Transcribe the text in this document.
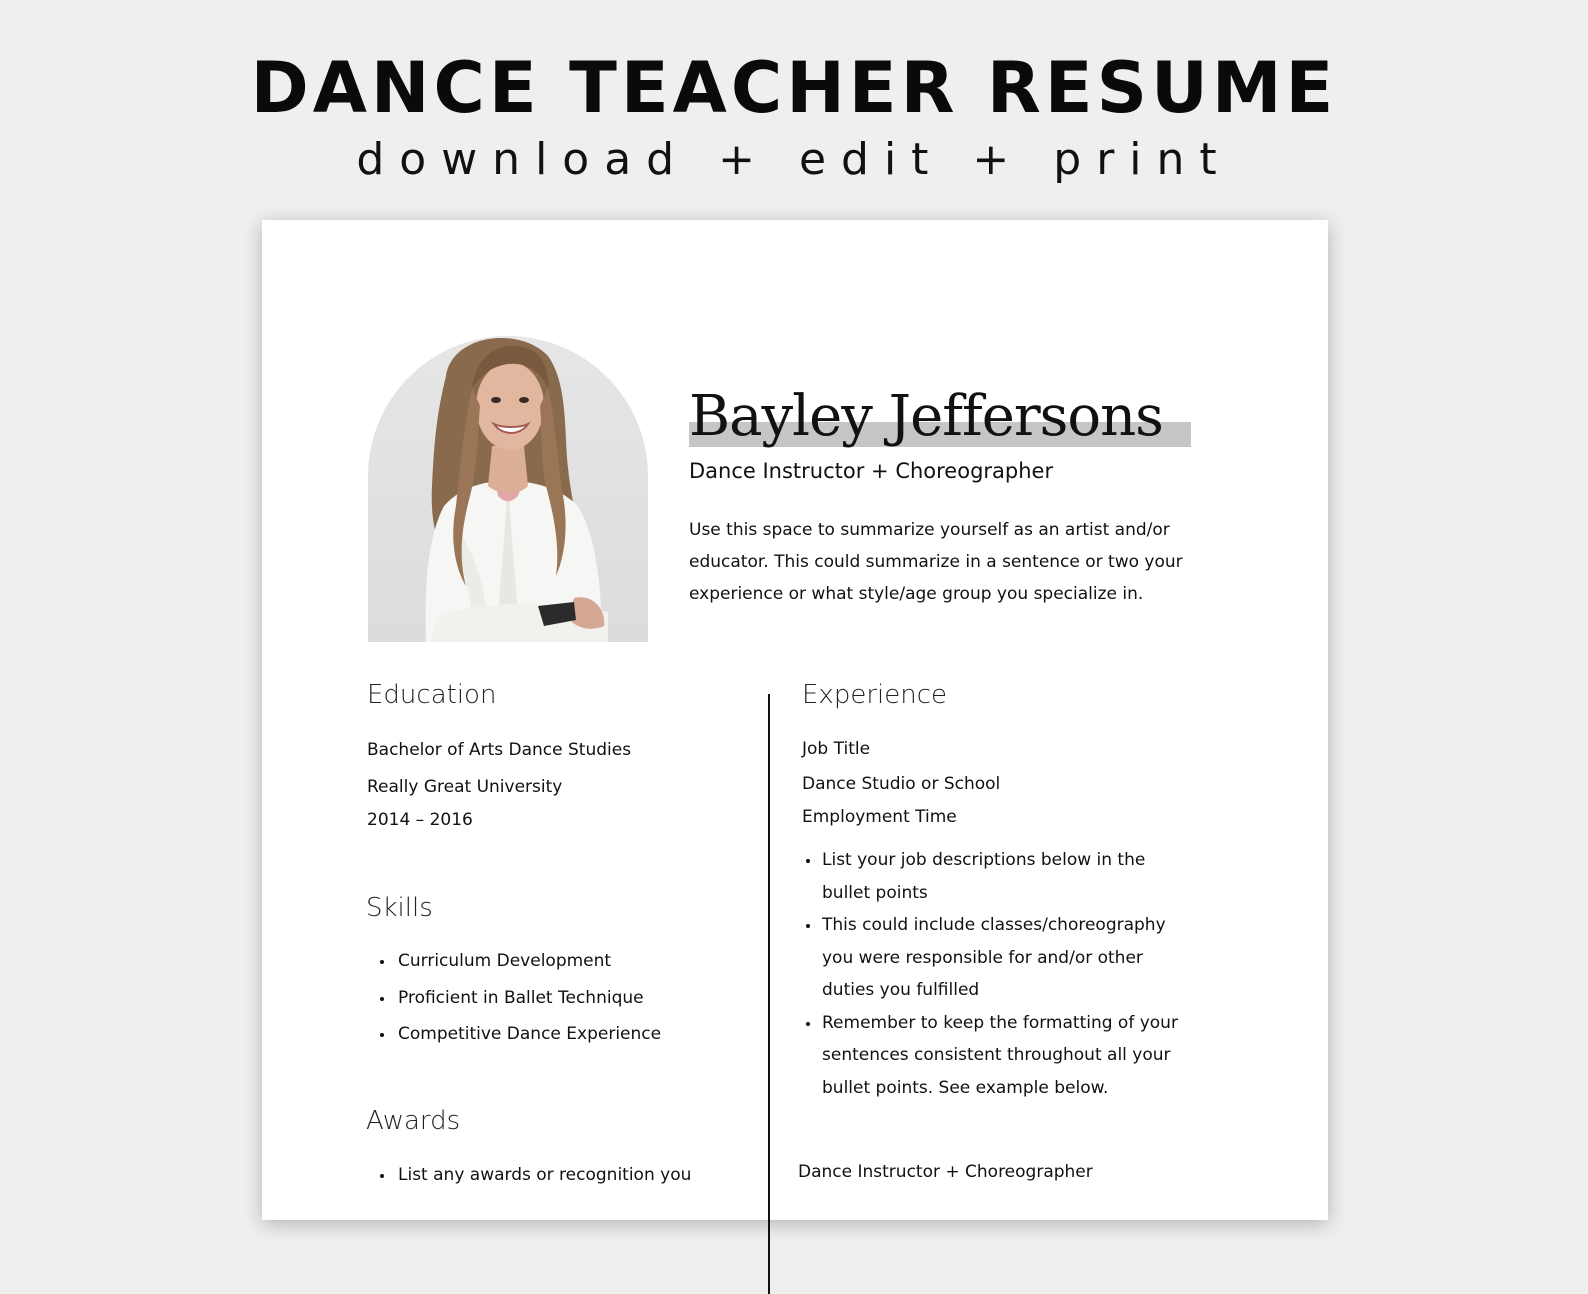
DANCE TEACHER RESUME
download + edit + print
Bayley Jeffersons
Dance Instructor + Choreographer
Use this space to summarize yourself as an artist and/or educator. This could summarize in a sentence or two your experience or what style/age group you specialize in.
Education
Bachelor of Arts Dance Studies
Really Great University
2014 – 2016
Skills
Curriculum Development
Proficient in Ballet Technique
Competitive Dance Experience
Awards
List any awards or recognition you
Experience
Job Title
Dance Studio or School
Employment Time
List your job descriptions below in the bullet points
This could include classes/choreography you were responsible for and/or other duties you fulfilled
Remember to keep the formatting of your sentences consistent throughout all your bullet points. See example below.
Dance Instructor + Choreographer
